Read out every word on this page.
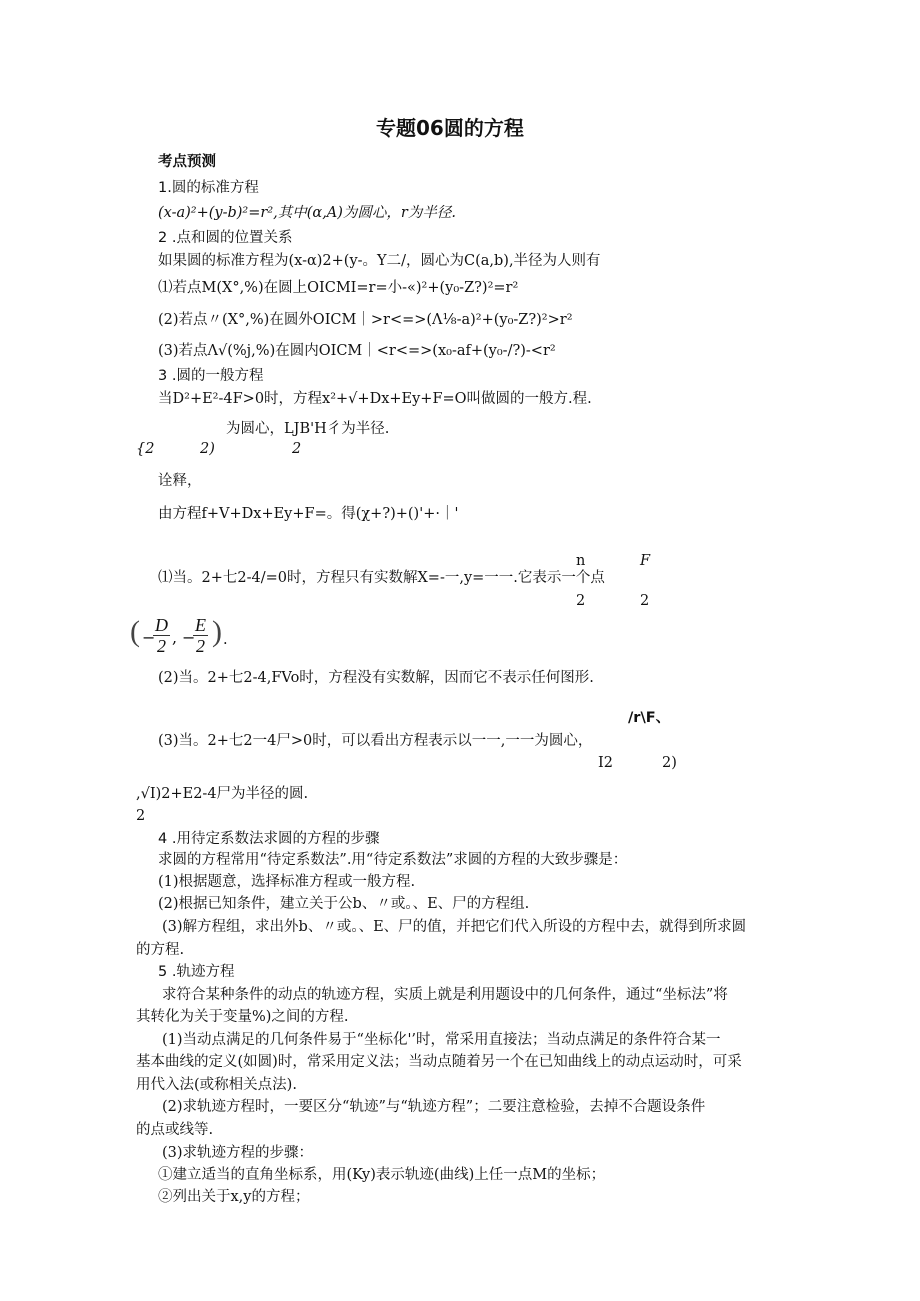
专题06圆的方程
考点预测
1.圆的标准方程
(x-a)²+(y-b)²=r²,其中(α,A)为圆心，r为半径.
2 .点和圆的位置关系
如果圆的标准方程为(x-α)2+(y-。Y二/，圆心为C(a,b),半径为人则有
⑴若点M(X°,%)在圆上OICMI=r=小-«)²+(y₀-Z?)²=r²
(2)若点〃(X°,%)在圆外OICM｜>r<=>(Λ⅛-a)²+(y₀-Z?)²>r²
(3)若点Λ√(%j,%)在圆内OICM｜<r<=>(x₀-af+(y₀-/?)-<r²
3 .圆的一般方程
当D²+E²-4F>0时，方程x²+√+Dx+Ey+F=O叫做圆的一般方.程.
为圆心，LJB'H彳为半径.
{2	2)	2
诠释，
由方程f+V+Dx+Ey+F=。得(χ+?)+()'+·｜'
n	F
⑴当。2+七2-4/=0时，方程只有实数解X=-一,y=一一.它表示一个点
2	2
( −
$\frac{D}{2}$ , −
$\frac{E}{2}$ ) .
(2)当。2+七2-4,FVo时，方程没有实数解，因而它不表示任何图形.
/r\F、
(3)当。2+七2一4尸>0时，可以看出方程表示以一一,一一为圆心，
I2	2)
,√I)2+E2-4尸为半径的圆.
2
4 .用待定系数法求圆的方程的步骤
求圆的方程常用“待定系数法”.用“待定系数法”求圆的方程的大致步骤是：
(1)根据题意，选择标准方程或一般方程.
(2)根据已知条件，建立关于公b、〃或。、E、尸的方程组.
(3)解方程组，求出外b、〃或。、E、尸的值，并把它们代入所设的方程中去，就得到所求圆
的方程.
5 .轨迹方程
求符合某种条件的动点的轨迹方程，实质上就是利用题设中的几何条件，通过“坐标法”将
其转化为关于变量%)之间的方程.
(1)当动点满足的几何条件易于“坐标化'’时，常采用直接法；当动点满足的条件符合某一
基本曲线的定义(如圆)时，常采用定义法；当动点随着另一个在已知曲线上的动点运动时，可采
用代入法(或称相关点法).
(2)求轨迹方程时，一要区分“轨迹”与“轨迹方程”；二要注意检验，去掉不合题设条件
的点或线等.
(3)求轨迹方程的步骤：
①建立适当的直角坐标系，用(Ky)表示轨迹(曲线)上任一点M的坐标；
②列出关于x,y的方程；
